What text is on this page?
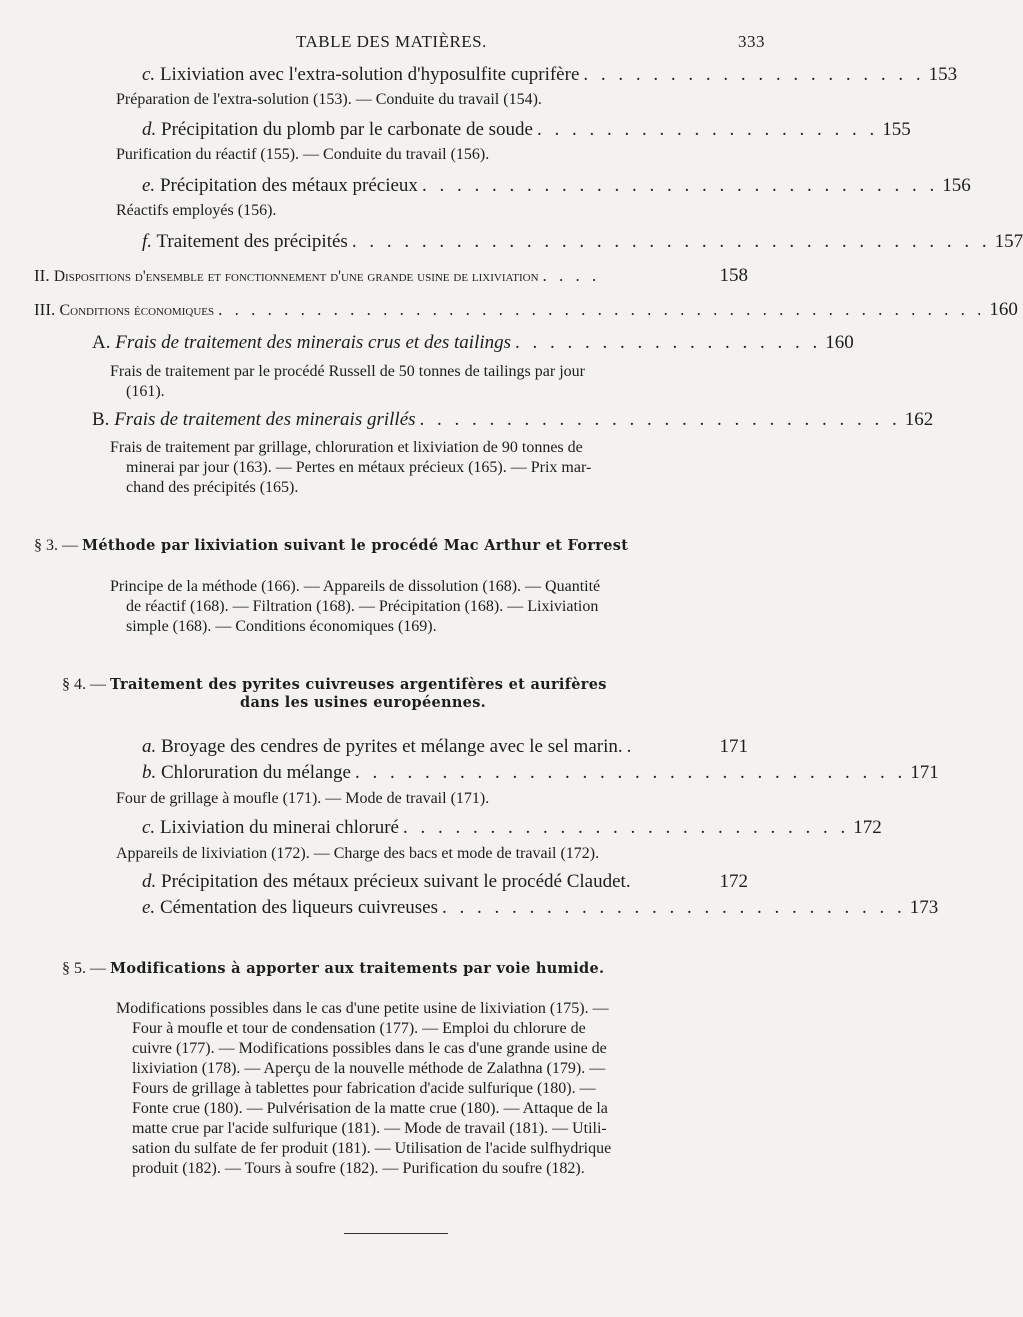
TABLE DES MATIÈRES.	333
c. Lixiviation avec l'extra-solution d'hyposulfite cuprifère . . . . . . . . . . . . . . . . . . . . 153
Préparation de l'extra-solution (153). — Conduite du travail (154).
d. Précipitation du plomb par le carbonate de soude . . . . . . . . . . . . . . . . . . . . 155
Purification du réactif (155). — Conduite du travail (156).
e. Précipitation des métaux précieux . . . . . . . . . . . . . . . . . . . . . . . . . . . . . . 156
Réactifs employés (156).
f. Traitement des précipités . . . . . . . . . . . . . . . . . . . . . . . . . . . . . . . . . . . . . 157
II. Dispositions d'ensemble et fonctionnement d'une grande usine de lixiviation . . . .	158
III. Conditions économiques . . . . . . . . . . . . . . . . . . . . . . . . . . . . . . . . . . . . . . . . . . . . . . . 160
A. Frais de traitement des minerais crus et des tailings . . . . . . . . . . . . . . . . . . 160
Frais de traitement par le procédé Russell de 50 tonnes de tailings par jour
(161).
B. Frais de traitement des minerais grillés . . . . . . . . . . . . . . . . . . . . . . . . . . . . 162
Frais de traitement par grillage, chloruration et lixiviation de 90 tonnes de
minerai par jour (163). — Pertes en métaux précieux (165). — Prix mar-
chand des précipités (165).
§ 3. — Méthode par lixiviation suivant le procédé Mac Arthur et Forrest
Principe de la méthode (166). — Appareils de dissolution (168). — Quantité
de réactif (168). — Filtration (168). — Précipitation (168). — Lixiviation
simple (168). — Conditions économiques (169).
§ 4. — Traitement des pyrites cuivreuses argentifères et aurifères
dans les usines européennes.
a. Broyage des cendres de pyrites et mélange avec le sel marin. .	171
b. Chloruration du mélange . . . . . . . . . . . . . . . . . . . . . . . . . . . . . . . . 171
Four de grillage à moufle (171). — Mode de travail (171).
c. Lixiviation du minerai chloruré . . . . . . . . . . . . . . . . . . . . . . . . . . 172
Appareils de lixiviation (172). — Charge des bacs et mode de travail (172).
d. Précipitation des métaux précieux suivant le procédé Claudet.	172
e. Cémentation des liqueurs cuivreuses . . . . . . . . . . . . . . . . . . . . . . . . . . . 173
§ 5. — Modifications à apporter aux traitements par voie humide.
Modifications possibles dans le cas d'une petite usine de lixiviation (175). —
Four à moufle et tour de condensation (177). — Emploi du chlorure de
cuivre (177). — Modifications possibles dans le cas d'une grande usine de
lixiviation (178). — Aperçu de la nouvelle méthode de Zalathna (179). —
Fours de grillage à tablettes pour fabrication d'acide sulfurique (180). —
Fonte crue (180). — Pulvérisation de la matte crue (180). — Attaque de la
matte crue par l'acide sulfurique (181). — Mode de travail (181). — Utili-
sation du sulfate de fer produit (181). — Utilisation de l'acide sulfhydrique
produit (182). — Tours à soufre (182). — Purification du soufre (182).
